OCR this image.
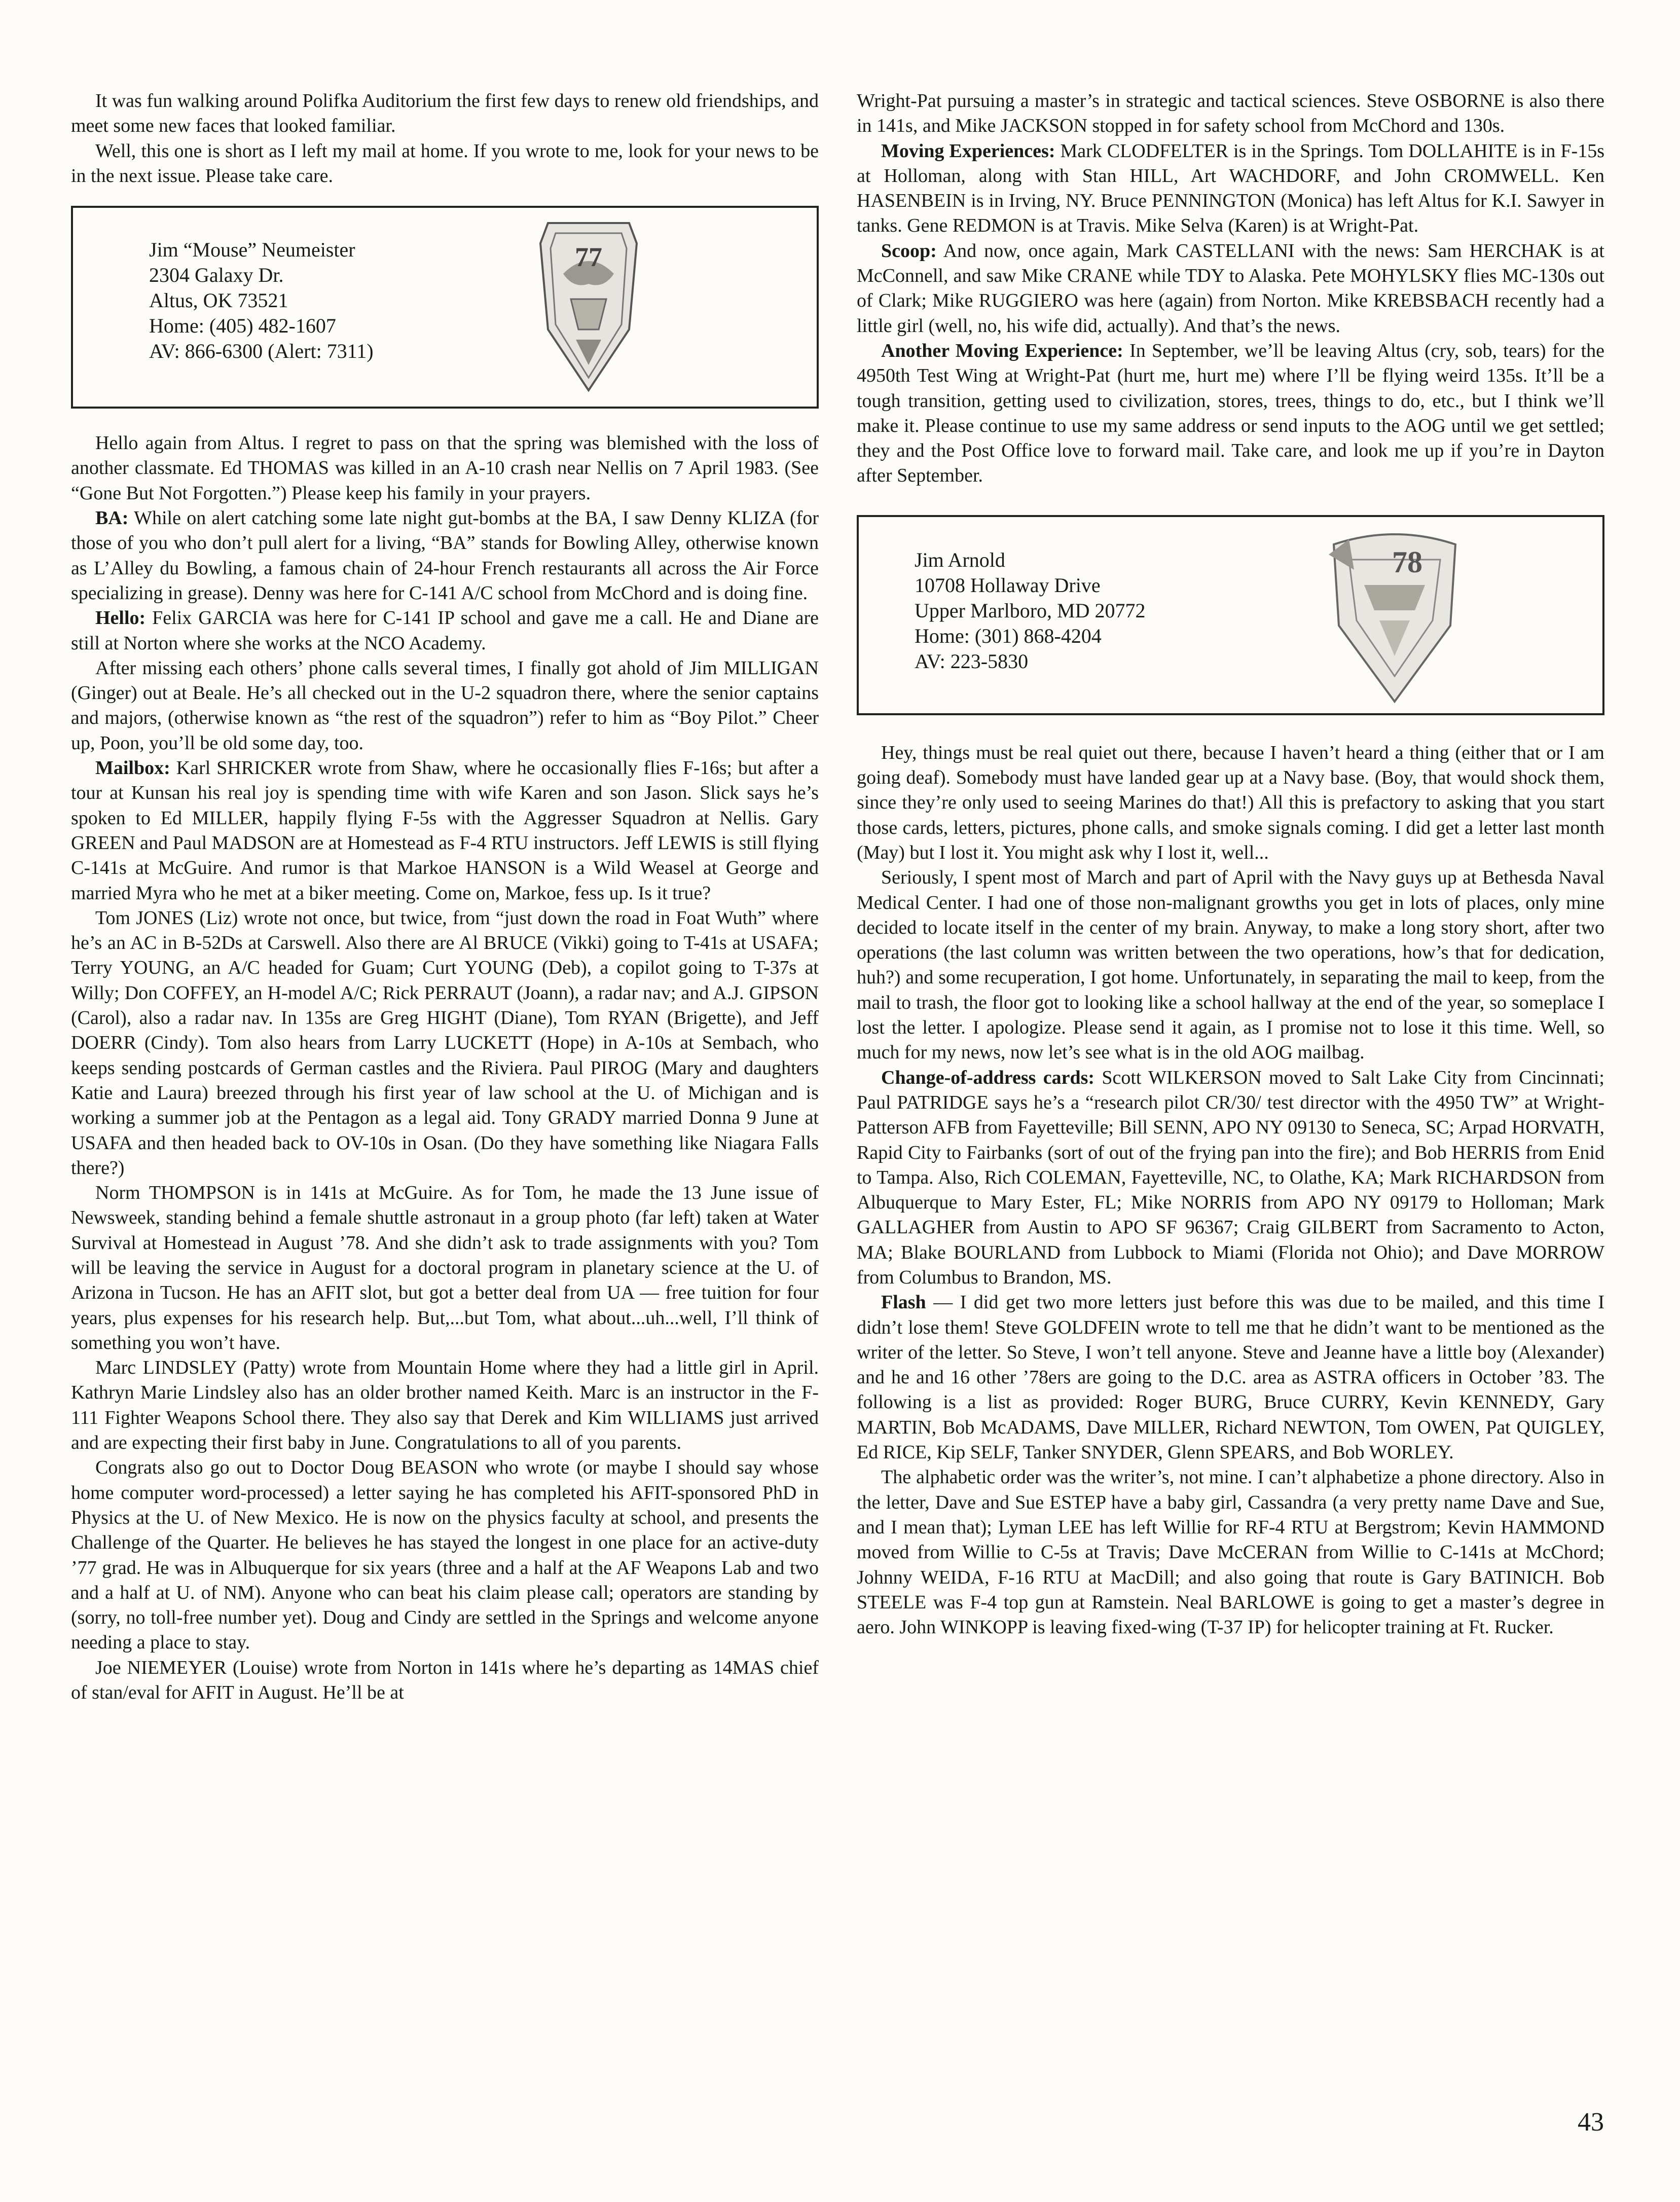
It was fun walking around Polifka Auditorium the first few days to renew old friendships, and meet some new faces that looked familiar.

Well, this one is short as I left my mail at home. If you wrote to me, look for your news to be in the next issue. Please take care.

Jim “Mouse” Neumeister
2304 Galaxy Dr.
Altus, OK 73521
Home: (405) 482-1607
AV: 866-6300 (Alert: 7311)
77

Hello again from Altus. I regret to pass on that the spring was blemished with the loss of another classmate. Ed THOMAS was killed in an A-10 crash near Nellis on 7 April 1983. (See “Gone But Not Forgotten.”) Please keep his family in your prayers.

BA: While on alert catching some late night gut-bombs at the BA, I saw Denny KLIZA (for those of you who don’t pull alert for a living, “BA” stands for Bowling Alley, otherwise known as L’Alley du Bowling, a famous chain of 24-hour French restaurants all across the Air Force specializing in grease). Denny was here for C-141 A/C school from McChord and is doing fine.

Hello: Felix GARCIA was here for C-141 IP school and gave me a call. He and Diane are still at Norton where she works at the NCO Academy.

After missing each others’ phone calls several times, I finally got ahold of Jim MILLIGAN (Ginger) out at Beale. He’s all checked out in the U-2 squadron there, where the senior captains and majors, (otherwise known as “the rest of the squadron”) refer to him as “Boy Pilot.” Cheer up, Poon, you’ll be old some day, too.

Mailbox: Karl SHRICKER wrote from Shaw, where he occasionally flies F-16s; but after a tour at Kunsan his real joy is spending time with wife Karen and son Jason. Slick says he’s spoken to Ed MILLER, happily flying F-5s with the Aggresser Squadron at Nellis. Gary GREEN and Paul MADSON are at Homestead as F-4 RTU instructors. Jeff LEWIS is still flying C-141s at McGuire. And rumor is that Markoe HANSON is a Wild Weasel at George and married Myra who he met at a biker meeting. Come on, Markoe, fess up. Is it true?

Tom JONES (Liz) wrote not once, but twice, from “just down the road in Foat Wuth” where he’s an AC in B-52Ds at Carswell. Also there are Al BRUCE (Vikki) going to T-41s at USAFA; Terry YOUNG, an A/C headed for Guam; Curt YOUNG (Deb), a copilot going to T-37s at Willy; Don COFFEY, an H-model A/C; Rick PERRAUT (Joann), a radar nav; and A.J. GIPSON (Carol), also a radar nav. In 135s are Greg HIGHT (Diane), Tom RYAN (Brigette), and Jeff DOERR (Cindy). Tom also hears from Larry LUCKETT (Hope) in A-10s at Sembach, who keeps sending postcards of German castles and the Riviera. Paul PIROG (Mary and daughters Katie and Laura) breezed through his first year of law school at the U. of Michigan and is working a summer job at the Pentagon as a legal aid. Tony GRADY married Donna 9 June at USAFA and then headed back to OV-10s in Osan. (Do they have something like Niagara Falls there?)

Norm THOMPSON is in 141s at McGuire. As for Tom, he made the 13 June issue of Newsweek, standing behind a female shuttle astronaut in a group photo (far left) taken at Water Survival at Homestead in August ’78. And she didn’t ask to trade assignments with you? Tom will be leaving the service in August for a doctoral program in planetary science at the U. of Arizona in Tucson. He has an AFIT slot, but got a better deal from UA — free tuition for four years, plus expenses for his research help. But,...but Tom, what about...uh...well, I’ll think of something you won’t have.

Marc LINDSLEY (Patty) wrote from Mountain Home where they had a little girl in April. Kathryn Marie Lindsley also has an older brother named Keith. Marc is an instructor in the F-111 Fighter Weapons School there. They also say that Derek and Kim WILLIAMS just arrived and are expecting their first baby in June. Congratulations to all of you parents.

Congrats also go out to Doctor Doug BEASON who wrote (or maybe I should say whose home computer word-processed) a letter saying he has completed his AFIT-sponsored PhD in Physics at the U. of New Mexico. He is now on the physics faculty at school, and presents the Challenge of the Quarter. He believes he has stayed the longest in one place for an active-duty ’77 grad. He was in Albuquerque for six years (three and a half at the AF Weapons Lab and two and a half at U. of NM). Anyone who can beat his claim please call; operators are standing by (sorry, no toll-free number yet). Doug and Cindy are settled in the Springs and welcome anyone needing a place to stay.

Joe NIEMEYER (Louise) wrote from Norton in 141s where he’s departing as 14MAS chief of stan/eval for AFIT in August. He’ll be at

Wright-Pat pursuing a master’s in strategic and tactical sciences. Steve OSBORNE is also there in 141s, and Mike JACKSON stopped in for safety school from McChord and 130s.

Moving Experiences: Mark CLODFELTER is in the Springs. Tom DOLLAHITE is in F-15s at Holloman, along with Stan HILL, Art WACHDORF, and John CROMWELL. Ken HASENBEIN is in Irving, NY. Bruce PENNINGTON (Monica) has left Altus for K.I. Sawyer in tanks. Gene REDMON is at Travis. Mike Selva (Karen) is at Wright-Pat.

Scoop: And now, once again, Mark CASTELLANI with the news: Sam HERCHAK is at McConnell, and saw Mike CRANE while TDY to Alaska. Pete MOHYLSKY flies MC-130s out of Clark; Mike RUGGIERO was here (again) from Norton. Mike KREBSBACH recently had a little girl (well, no, his wife did, actually). And that’s the news.

Another Moving Experience: In September, we’ll be leaving Altus (cry, sob, tears) for the 4950th Test Wing at Wright-Pat (hurt me, hurt me) where I’ll be flying weird 135s. It’ll be a tough transition, getting used to civilization, stores, trees, things to do, etc., but I think we’ll make it. Please continue to use my same address or send inputs to the AOG until we get settled; they and the Post Office love to forward mail. Take care, and look me up if you’re in Dayton after September.

Jim Arnold
10708 Hollaway Drive
Upper Marlboro, MD 20772
Home: (301) 868-4204
AV: 223-5830
78

Hey, things must be real quiet out there, because I haven’t heard a thing (either that or I am going deaf). Somebody must have landed gear up at a Navy base. (Boy, that would shock them, since they’re only used to seeing Marines do that!) All this is prefactory to asking that you start those cards, letters, pictures, phone calls, and smoke signals coming. I did get a letter last month (May) but I lost it. You might ask why I lost it, well...

Seriously, I spent most of March and part of April with the Navy guys up at Bethesda Naval Medical Center. I had one of those non-malignant growths you get in lots of places, only mine decided to locate itself in the center of my brain. Anyway, to make a long story short, after two operations (the last column was written between the two operations, how’s that for dedication, huh?) and some recuperation, I got home. Unfortunately, in separating the mail to keep, from the mail to trash, the floor got to looking like a school hallway at the end of the year, so someplace I lost the letter. I apologize. Please send it again, as I promise not to lose it this time. Well, so much for my news, now let’s see what is in the old AOG mailbag.

Change-of-address cards: Scott WILKERSON moved to Salt Lake City from Cincinnati; Paul PATRIDGE says he’s a “research pilot CR/30/ test director with the 4950 TW” at Wright-Patterson AFB from Fayetteville; Bill SENN, APO NY 09130 to Seneca, SC; Arpad HORVATH, Rapid City to Fairbanks (sort of out of the frying pan into the fire); and Bob HERRIS from Enid to Tampa. Also, Rich COLEMAN, Fayetteville, NC, to Olathe, KA; Mark RICHARDSON from Albuquerque to Mary Ester, FL; Mike NORRIS from APO NY 09179 to Holloman; Mark GALLAGHER from Austin to APO SF 96367; Craig GILBERT from Sacramento to Acton, MA; Blake BOURLAND from Lubbock to Miami (Florida not Ohio); and Dave MORROW from Columbus to Brandon, MS.

Flash — I did get two more letters just before this was due to be mailed, and this time I didn’t lose them! Steve GOLDFEIN wrote to tell me that he didn’t want to be mentioned as the writer of the letter. So Steve, I won’t tell anyone. Steve and Jeanne have a little boy (Alexander) and he and 16 other ’78ers are going to the D.C. area as ASTRA officers in October ’83. The following is a list as provided: Roger BURG, Bruce CURRY, Kevin KENNEDY, Gary MARTIN, Bob McADAMS, Dave MILLER, Richard NEWTON, Tom OWEN, Pat QUIGLEY, Ed RICE, Kip SELF, Tanker SNYDER, Glenn SPEARS, and Bob WORLEY.

The alphabetic order was the writer’s, not mine. I can’t alphabetize a phone directory. Also in the letter, Dave and Sue ESTEP have a baby girl, Cassandra (a very pretty name Dave and Sue, and I mean that); Lyman LEE has left Willie for RF-4 RTU at Bergstrom; Kevin HAMMOND moved from Willie to C-5s at Travis; Dave McCERAN from Willie to C-141s at McChord; Johnny WEIDA, F-16 RTU at MacDill; and also going that route is Gary BATINICH. Bob STEELE was F-4 top gun at Ramstein. Neal BARLOWE is going to get a master’s degree in aero. John WINKOPP is leaving fixed-wing (T-37 IP) for helicopter training at Ft. Rucker.

43
